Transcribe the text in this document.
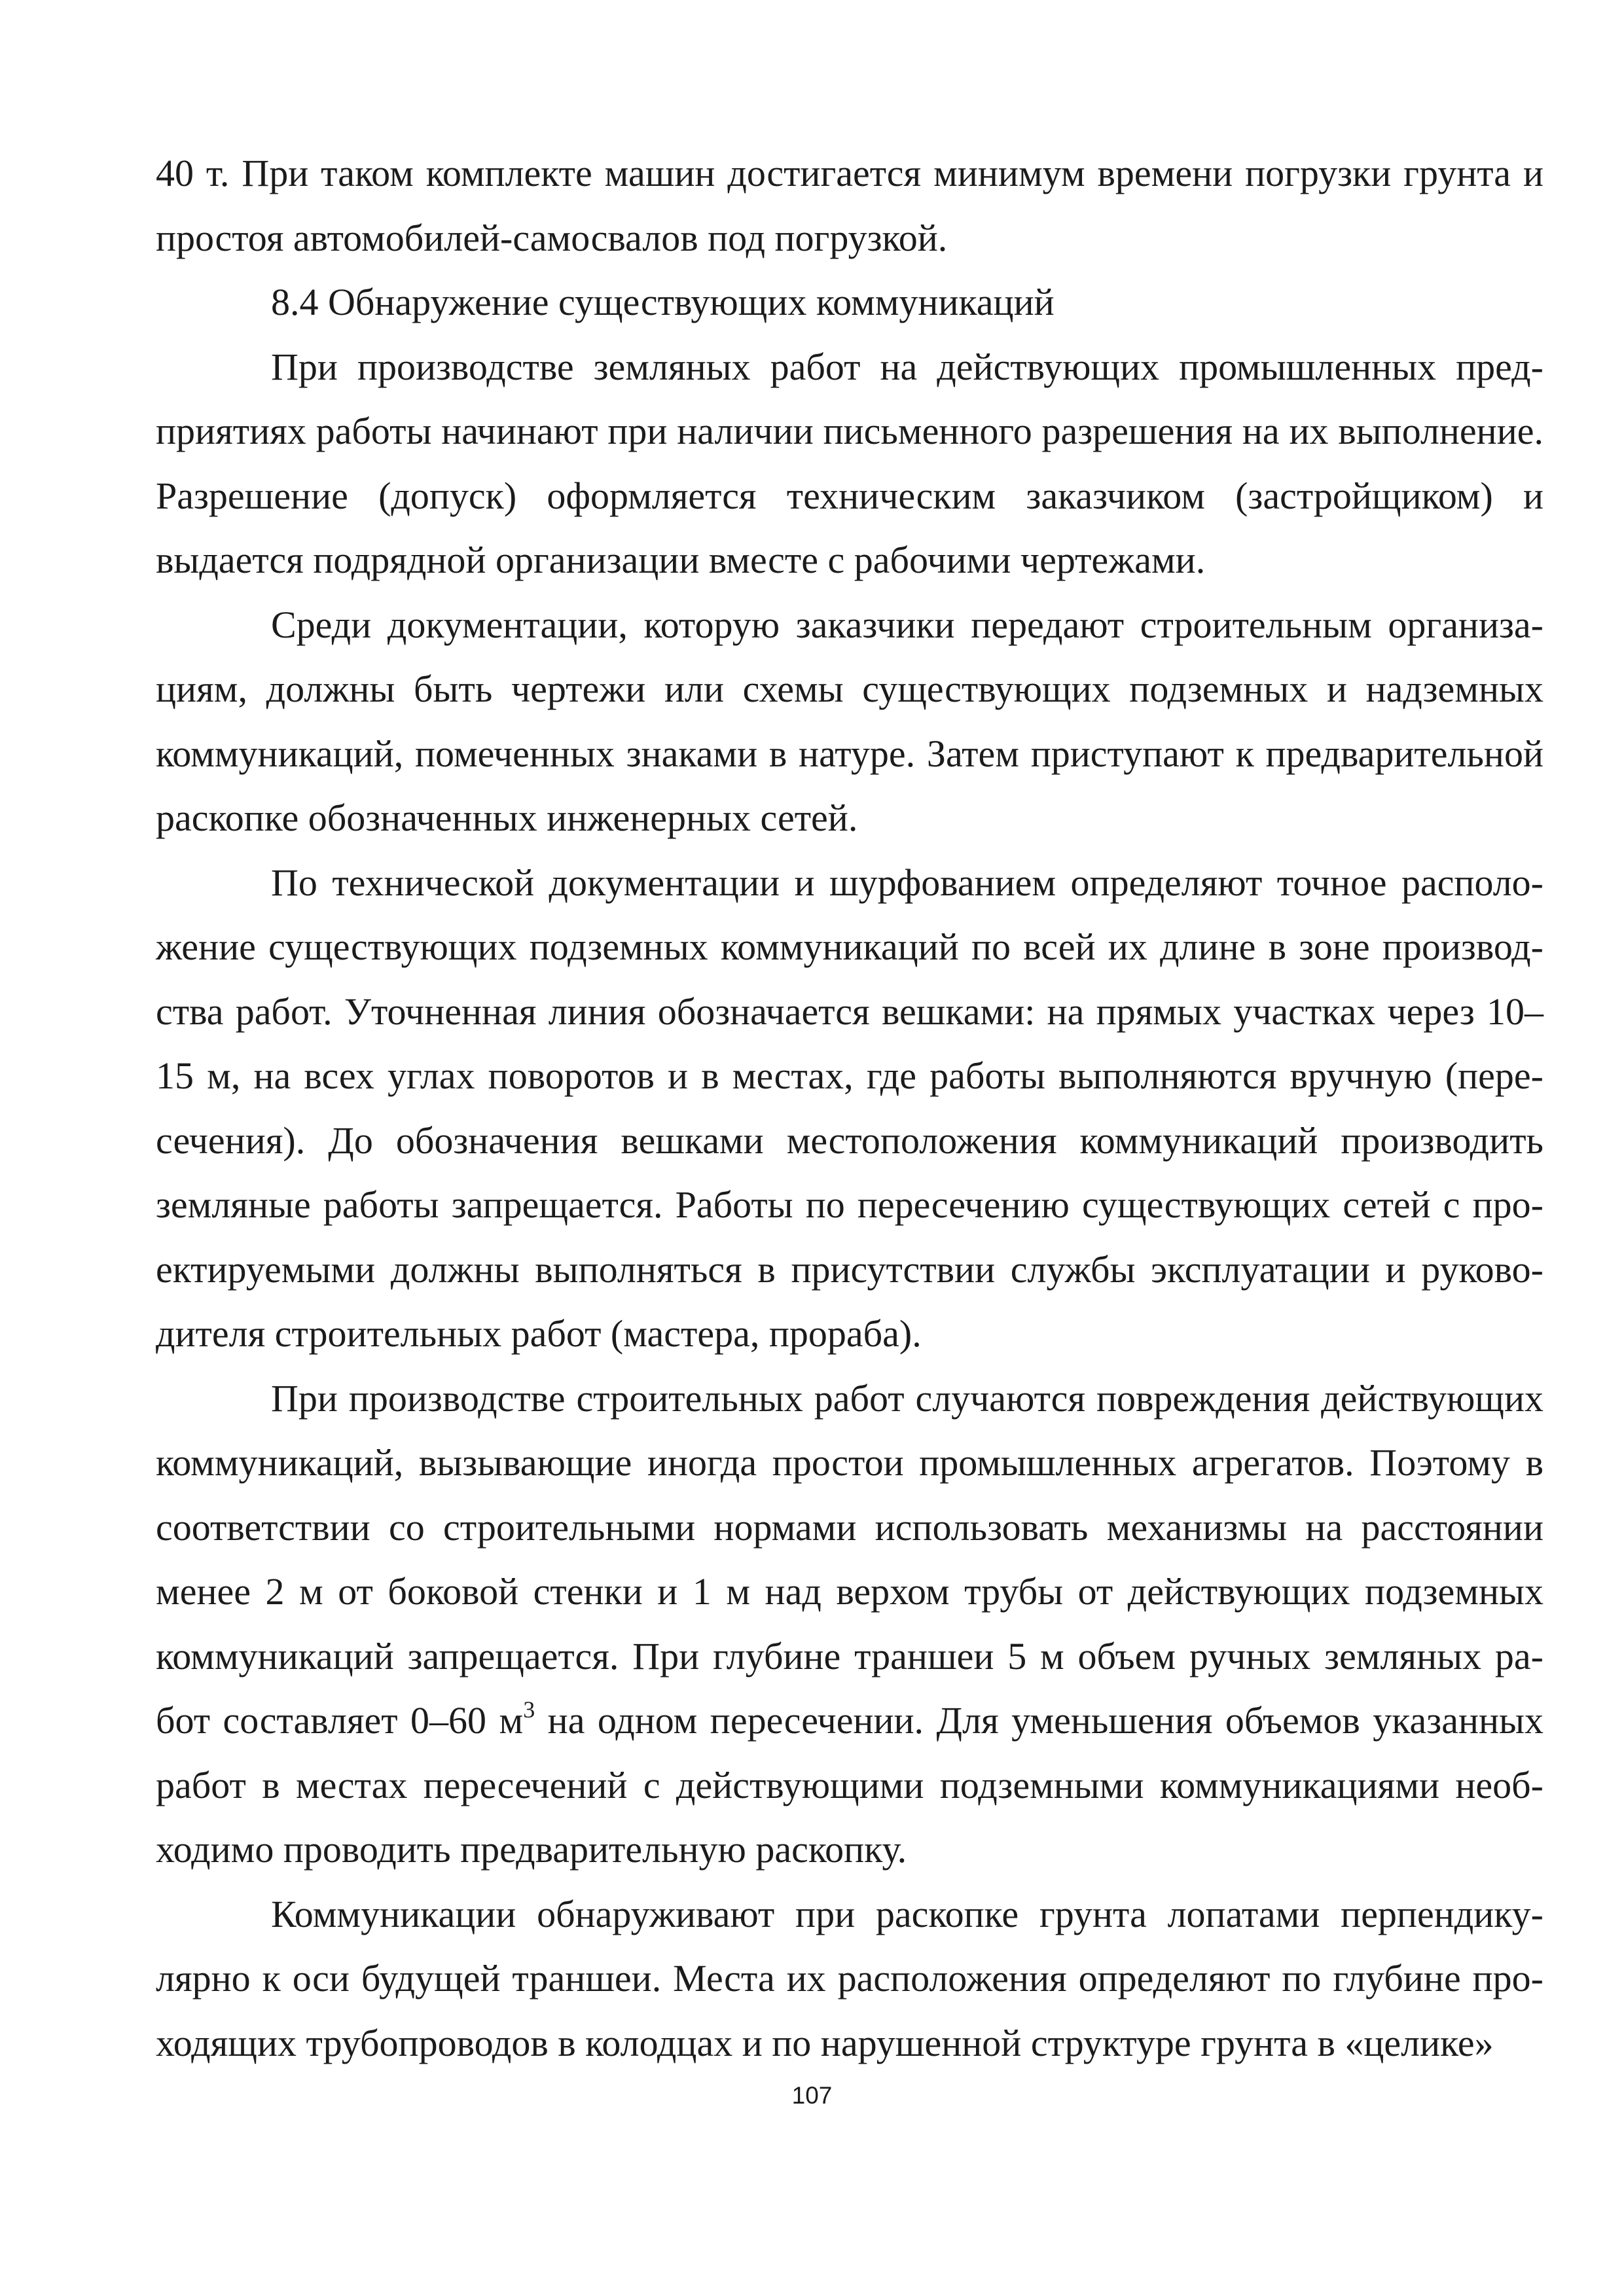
40 т. При таком комплекте машин достигается минимум времени погрузки грунта и простоя автомобилей-самосвалов под погрузкой.

8.4 Обнаружение существующих коммуникаций

При производстве земляных работ на действующих промышленных предприятиях работы начинают при наличии письменного разрешения на их выполнение. Разрешение (допуск) оформляется техническим заказчиком (застройщиком) и выдается подрядной организации вместе с рабочими чертежами.

Среди документации, которую заказчики передают строительным организациям, должны быть чертежи или схемы существующих подземных и надземных коммуникаций, помеченных знаками в натуре. Затем приступают к предварительной раскопке обозначенных инженерных сетей.

По технической документации и шурфованием определяют точное расположение существующих подземных коммуникаций по всей их длине в зоне производства работ. Уточненная линия обозначается вешками: на прямых участках через 10–15 м, на всех углах поворотов и в местах, где работы выполняются вручную (пересечения). До обозначения вешками местоположения коммуникаций производить земляные работы запрещается. Работы по пересечению существующих сетей с проектируемыми должны выполняться в присутствии службы эксплуатации и руководителя строительных работ (мастера, прораба).

При производстве строительных работ случаются повреждения действующих коммуникаций, вызывающие иногда простои промышленных агрегатов. Поэтому в соответствии со строительными нормами использовать механизмы на расстоянии менее 2 м от боковой стенки и 1 м над верхом трубы от действующих подземных коммуникаций запрещается. При глубине траншеи 5 м объем ручных земляных работ составляет 0–60 $м^3$ на одном пересечении. Для уменьшения объемов указанных работ в местах пересечений с действующими подземными коммуникациями необходимо проводить предварительную раскопку.

Коммуникации обнаруживают при раскопке грунта лопатами перпендикулярно к оси будущей траншеи. Места их расположения определяют по глубине проходящих трубопроводов в колодцах и по нарушенной структуре грунта в «целике»

107
